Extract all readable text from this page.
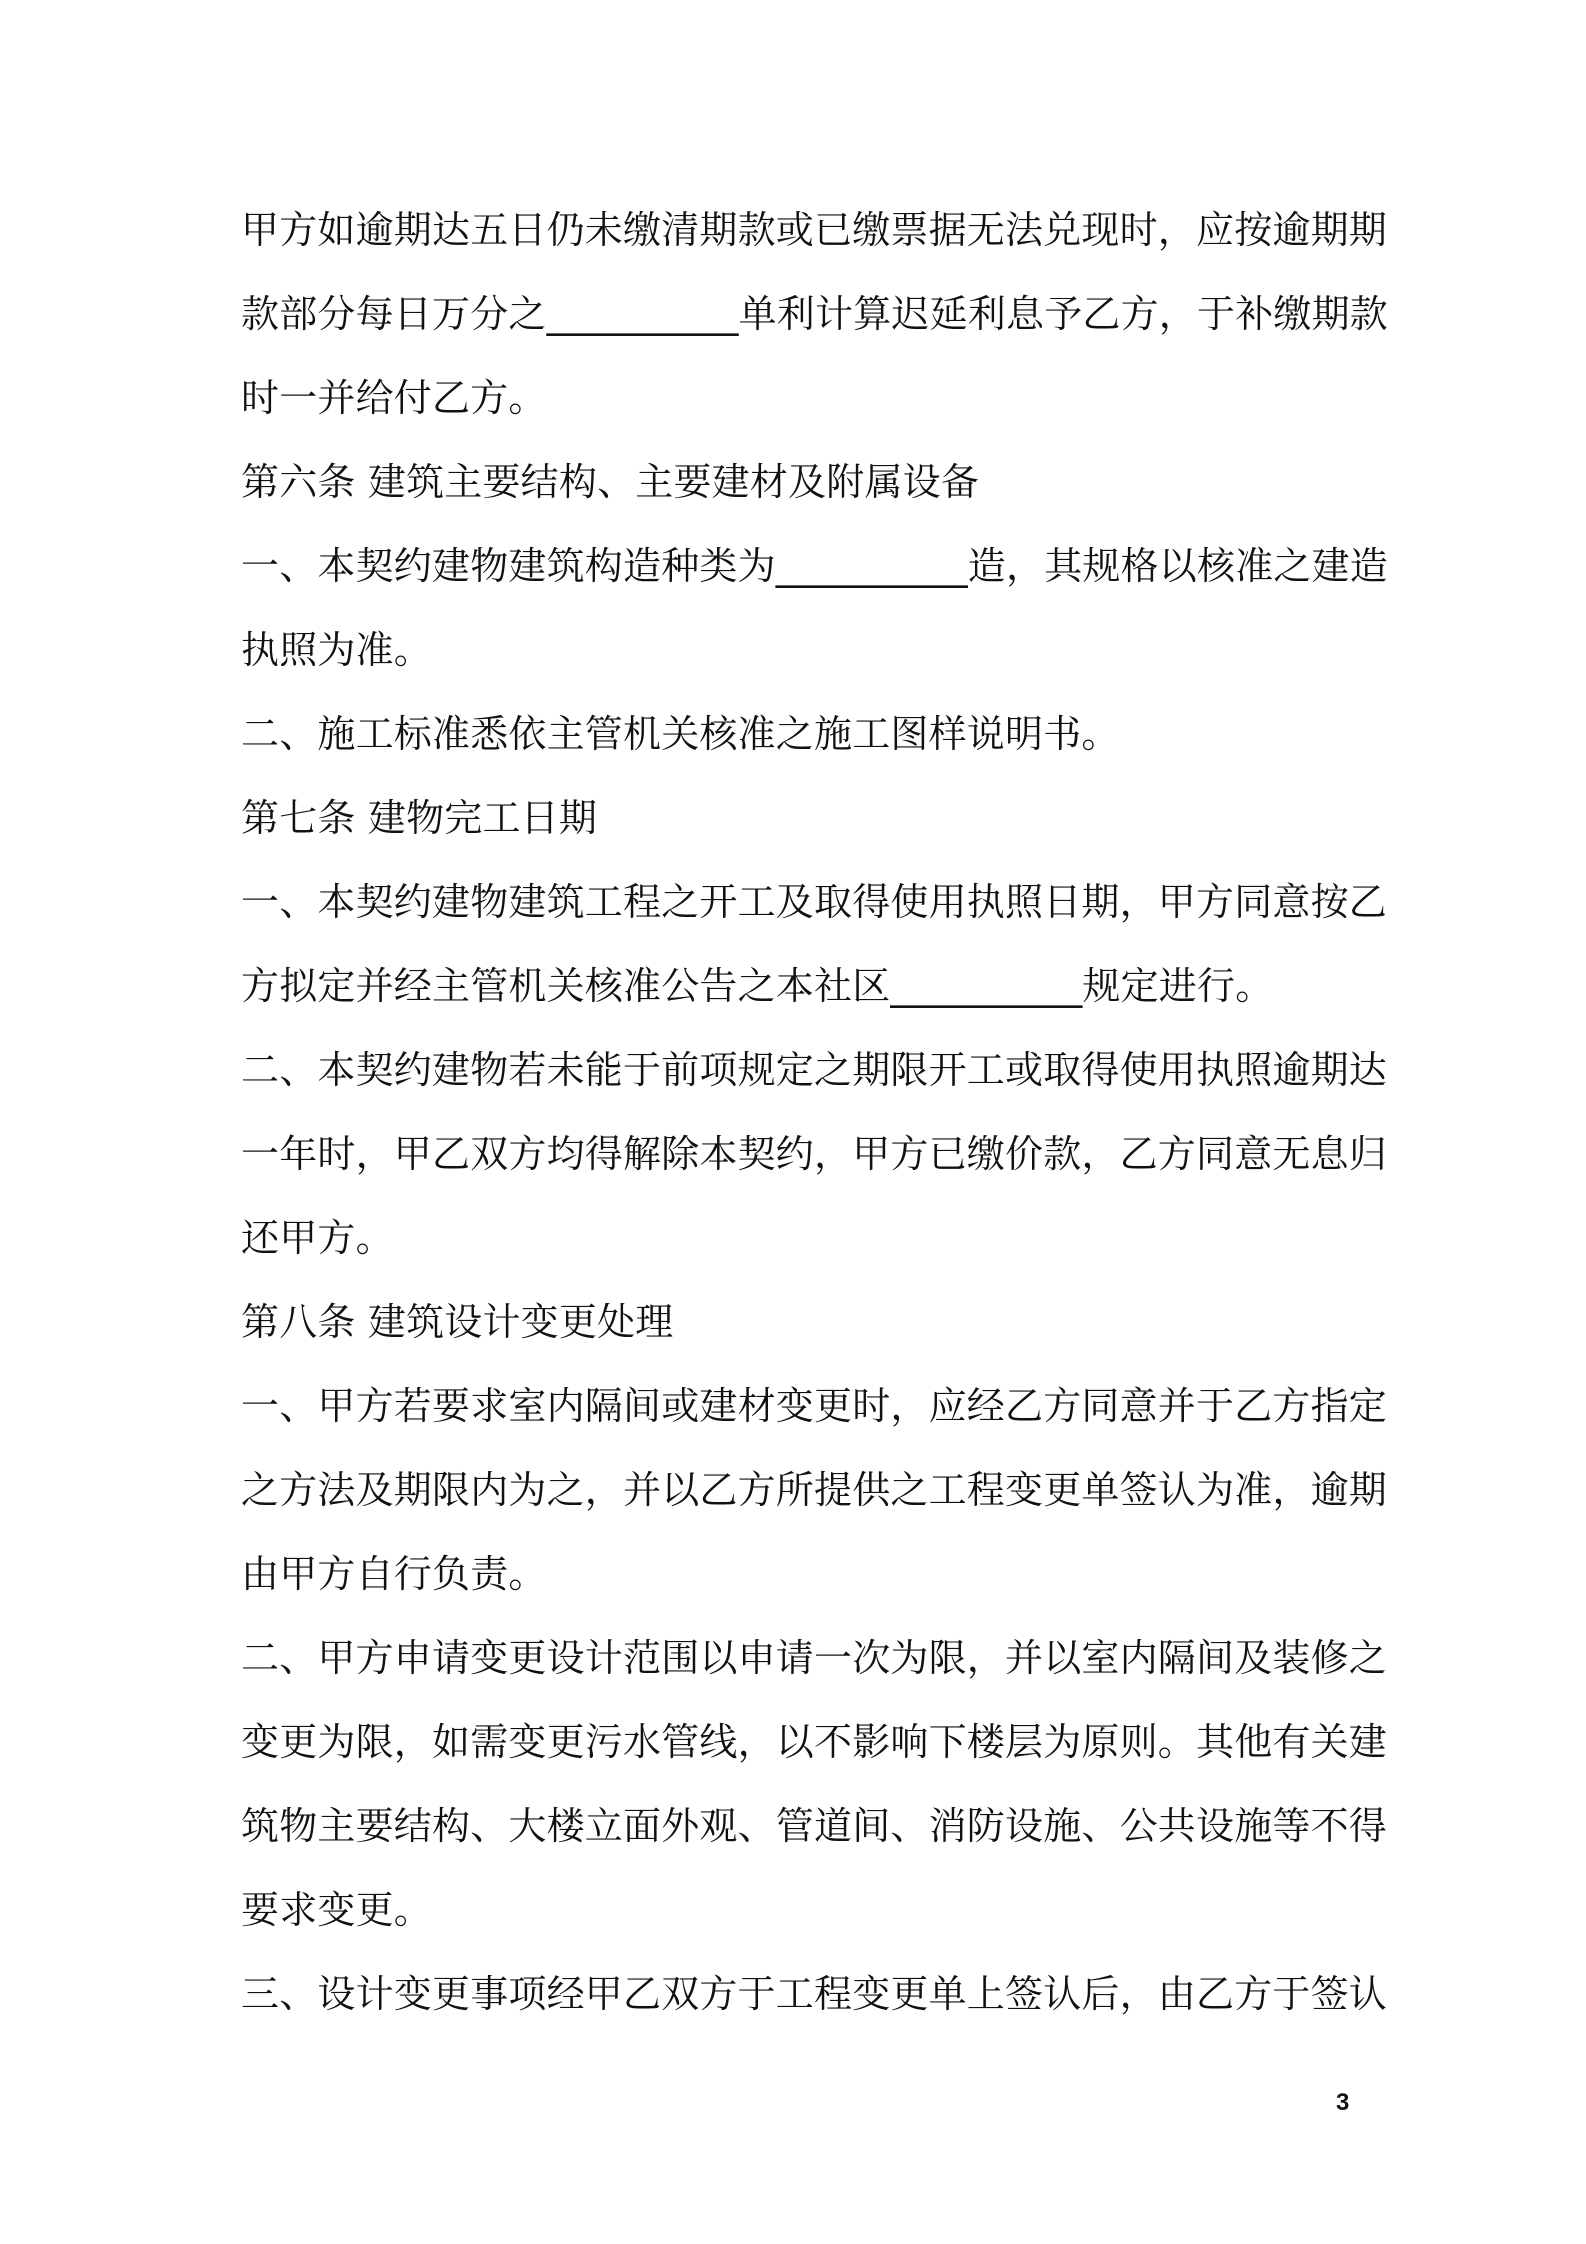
甲方如逾期达五日仍未缴清期款或已缴票据无法兑现时，应按逾期期
款部分每日万分之__________单利计算迟延利息予乙方，于补缴期款
时一并给付乙方。
第六条 建筑主要结构、主要建材及附属设备
一、本契约建物建筑构造种类为__________造，其规格以核准之建造
执照为准。
二、施工标准悉依主管机关核准之施工图样说明书。
第七条 建物完工日期
一、本契约建物建筑工程之开工及取得使用执照日期，甲方同意按乙
方拟定并经主管机关核准公告之本社区__________规定进行。
二、本契约建物若未能于前项规定之期限开工或取得使用执照逾期达
一年时，甲乙双方均得解除本契约，甲方已缴价款，乙方同意无息归
还甲方。
第八条 建筑设计变更处理
一、甲方若要求室内隔间或建材变更时，应经乙方同意并于乙方指定
之方法及期限内为之，并以乙方所提供之工程变更单签认为准，逾期
由甲方自行负责。
二、甲方申请变更设计范围以申请一次为限，并以室内隔间及装修之
变更为限，如需变更污水管线，以不影响下楼层为原则。其他有关建
筑物主要结构、大楼立面外观、管道间、消防设施、公共设施等不得
要求变更。
三、设计变更事项经甲乙双方于工程变更单上签认后，由乙方于签认
3
